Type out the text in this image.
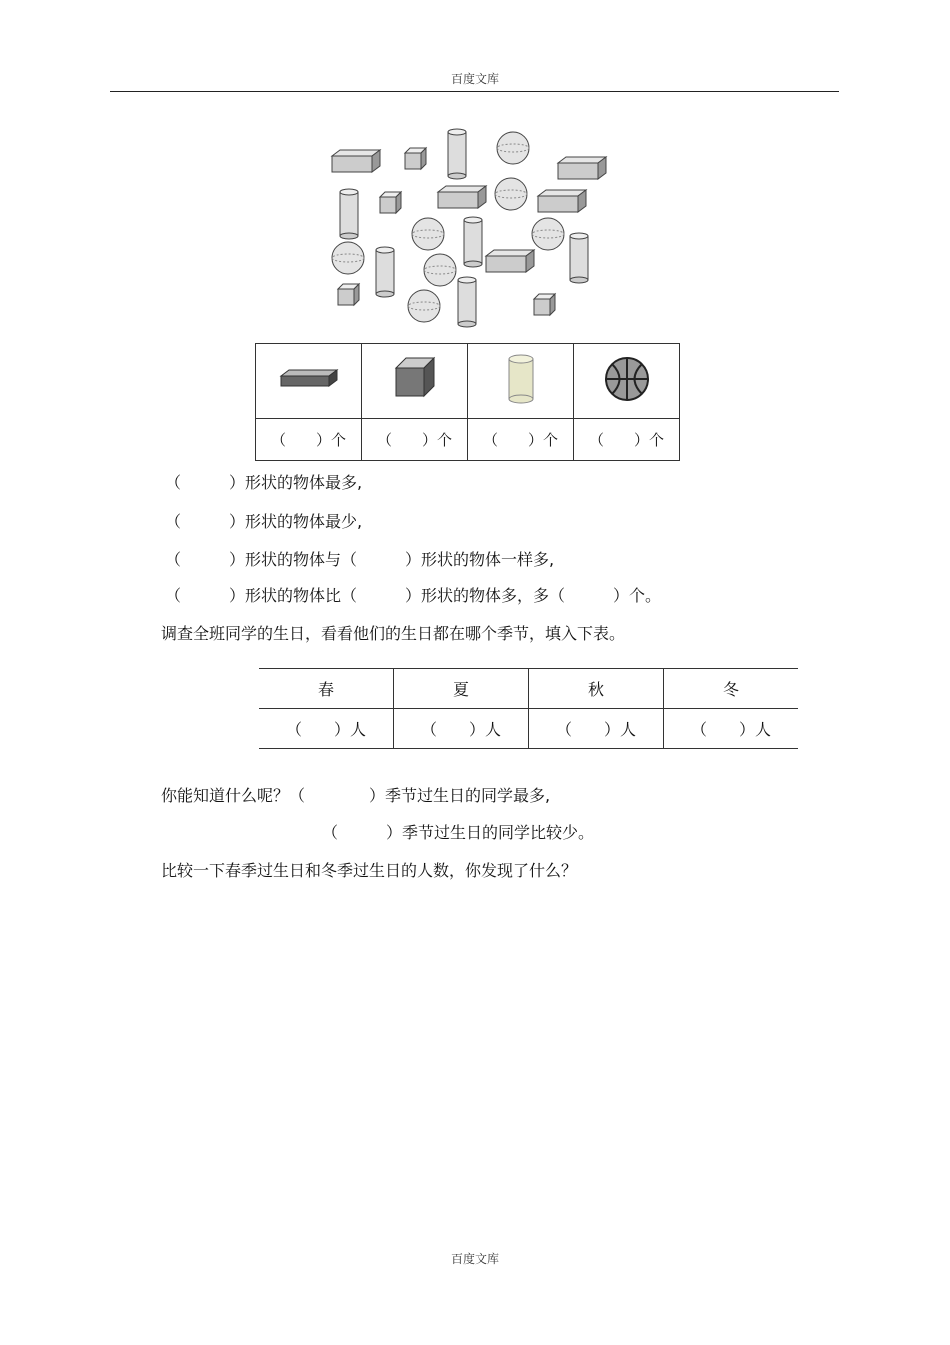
百度文库

（　　）个	（　　）个	（　　）个	（　　）个
（　　　）形状的物体最多,
（　　　）形状的物体最少,
（　　　）形状的物体与（　　　）形状的物体一样多,
（　　　）形状的物体比（　　　）形状的物体多，多（　　　）个。
调查全班同学的生日，看看他们的生日都在哪个季节，填入下表。
春	夏	秋	冬
（　　）人	（　　）人	（　　）人	（　　）人
你能知道什么呢？（　　　　）季节过生日的同学最多,
（　　　）季节过生日的同学比较少。
比较一下春季过生日和冬季过生日的人数，你发现了什么？
百度文库
